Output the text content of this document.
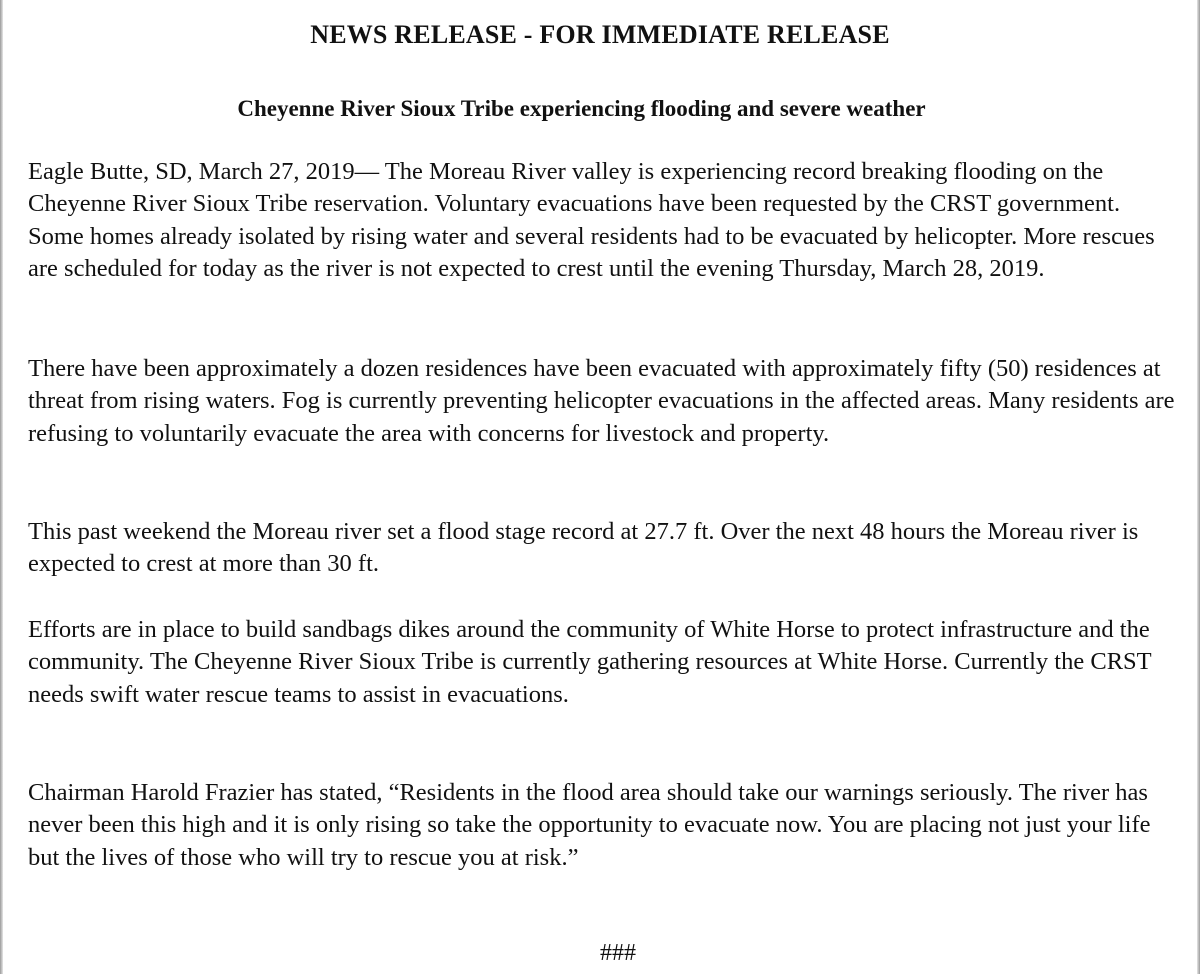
NEWS RELEASE - FOR IMMEDIATE RELEASE
Cheyenne River Sioux Tribe experiencing flooding and severe weather

Eagle Butte, SD, March 27, 2019— The Moreau River valley is experiencing record breaking flooding on the Cheyenne River Sioux Tribe reservation. Voluntary evacuations have been requested by the CRST government. Some homes already isolated by rising water and several residents had to be evacuated by helicopter. More rescues are scheduled for today as the river is not expected to crest until the evening Thursday, March 28, 2019.

There have been approximately a dozen residences have been evacuated with approximately fifty (50) residences at threat from rising waters. Fog is currently preventing helicopter evacuations in the affected areas. Many residents are refusing to voluntarily evacuate the area with concerns for livestock and property.

This past weekend the Moreau river set a flood stage record at 27.7 ft. Over the next 48 hours the Moreau river is expected to crest at more than 30 ft.

Efforts are in place to build sandbags dikes around the community of White Horse to protect infrastructure and the community. The Cheyenne River Sioux Tribe is currently gathering resources at White Horse. Currently the CRST needs swift water rescue teams to assist in evacuations.

Chairman Harold Frazier has stated, “Residents in the flood area should take our warnings seriously. The river has never been this high and it is only rising so take the opportunity to evacuate now. You are placing not just your life but the lives of those who will try to rescue you at risk.”

###
